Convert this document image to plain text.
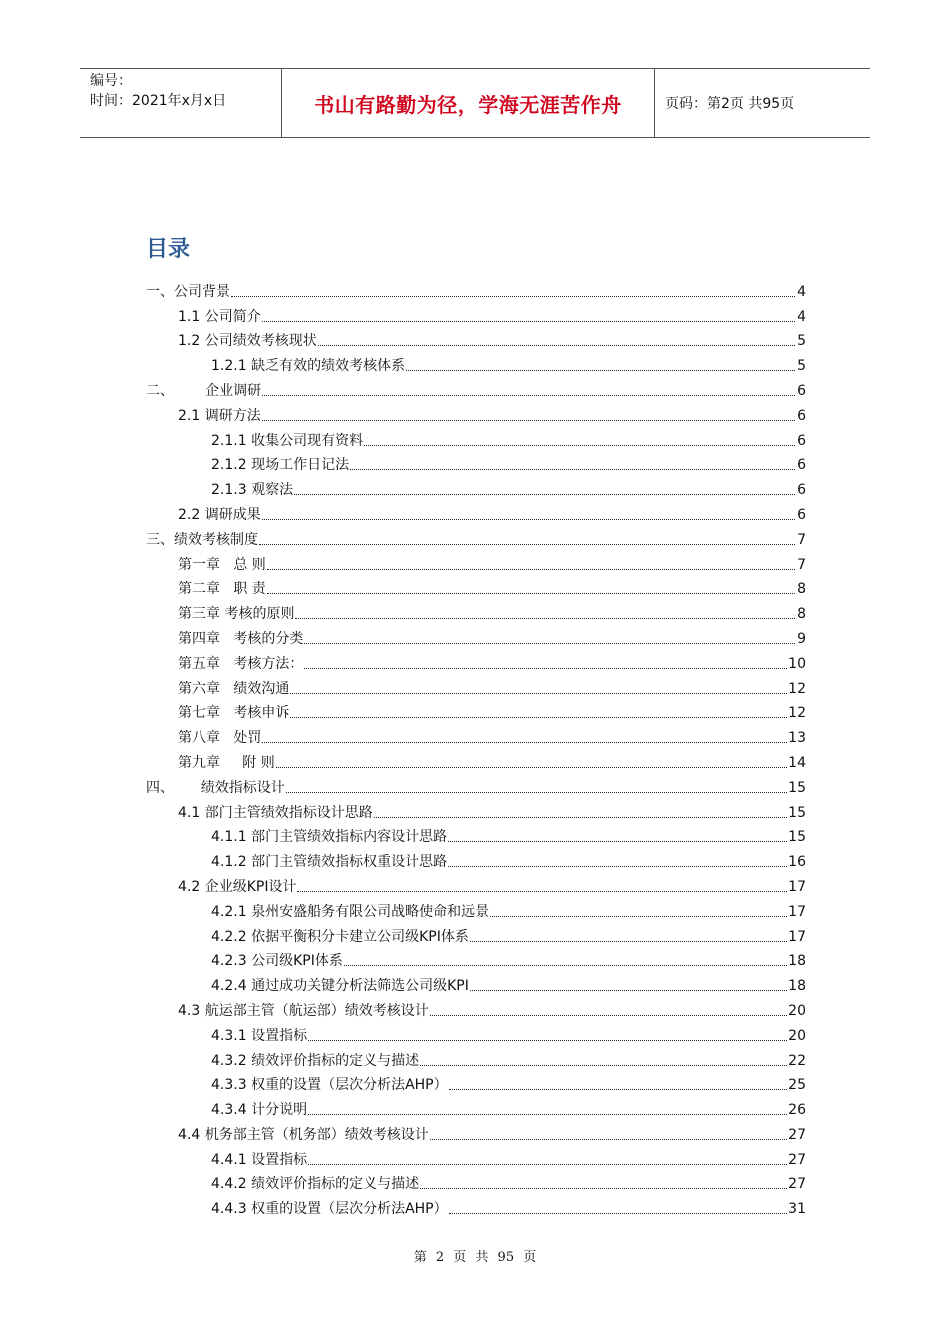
编号：
时间：2021年x月x日	书山有路勤为径，学海无涯苦作舟	页码：第2页 共95页
目录
一、公司背景	4
1.1 公司简介	4
1.2 公司绩效考核现状	5
1.2.1 缺乏有效的绩效考核体系	5
二、       企业调研	6
2.1 调研方法	6
2.1.1 收集公司现有资料	6
2.1.2 现场工作日记法	6
2.1.3 观察法	6
2.2 调研成果	6
三、绩效考核制度	7
第一章   总 则	7
第二章   职 责	8
第三章 考核的原则	8
第四章   考核的分类	9
第五章   考核方法：	10
第六章   绩效沟通	12
第七章   考核申诉	12
第八章   处罚	13
第九章     附 则	14
四、      绩效指标设计	15
4.1 部门主管绩效指标设计思路	15
4.1.1 部门主管绩效指标内容设计思路	15
4.1.2 部门主管绩效指标权重设计思路	16
4.2 企业级KPI设计	17
4.2.1 泉州安盛船务有限公司战略使命和远景	17
4.2.2 依据平衡积分卡建立公司级KPI体系	17
4.2.3 公司级KPI体系	18
4.2.4 通过成功关键分析法筛选公司级KPI	18
4.3 航运部主管（航运部）绩效考核设计	20
4.3.1 设置指标	20
4.3.2 绩效评价指标的定义与描述	22
4.3.3 权重的设置（层次分析法AHP）	25
4.3.4 计分说明	26
4.4 机务部主管（机务部）绩效考核设计	27
4.4.1 设置指标	27
4.4.2 绩效评价指标的定义与描述	27
4.4.3 权重的设置（层次分析法AHP）	31
第 2 页 共 95 页
